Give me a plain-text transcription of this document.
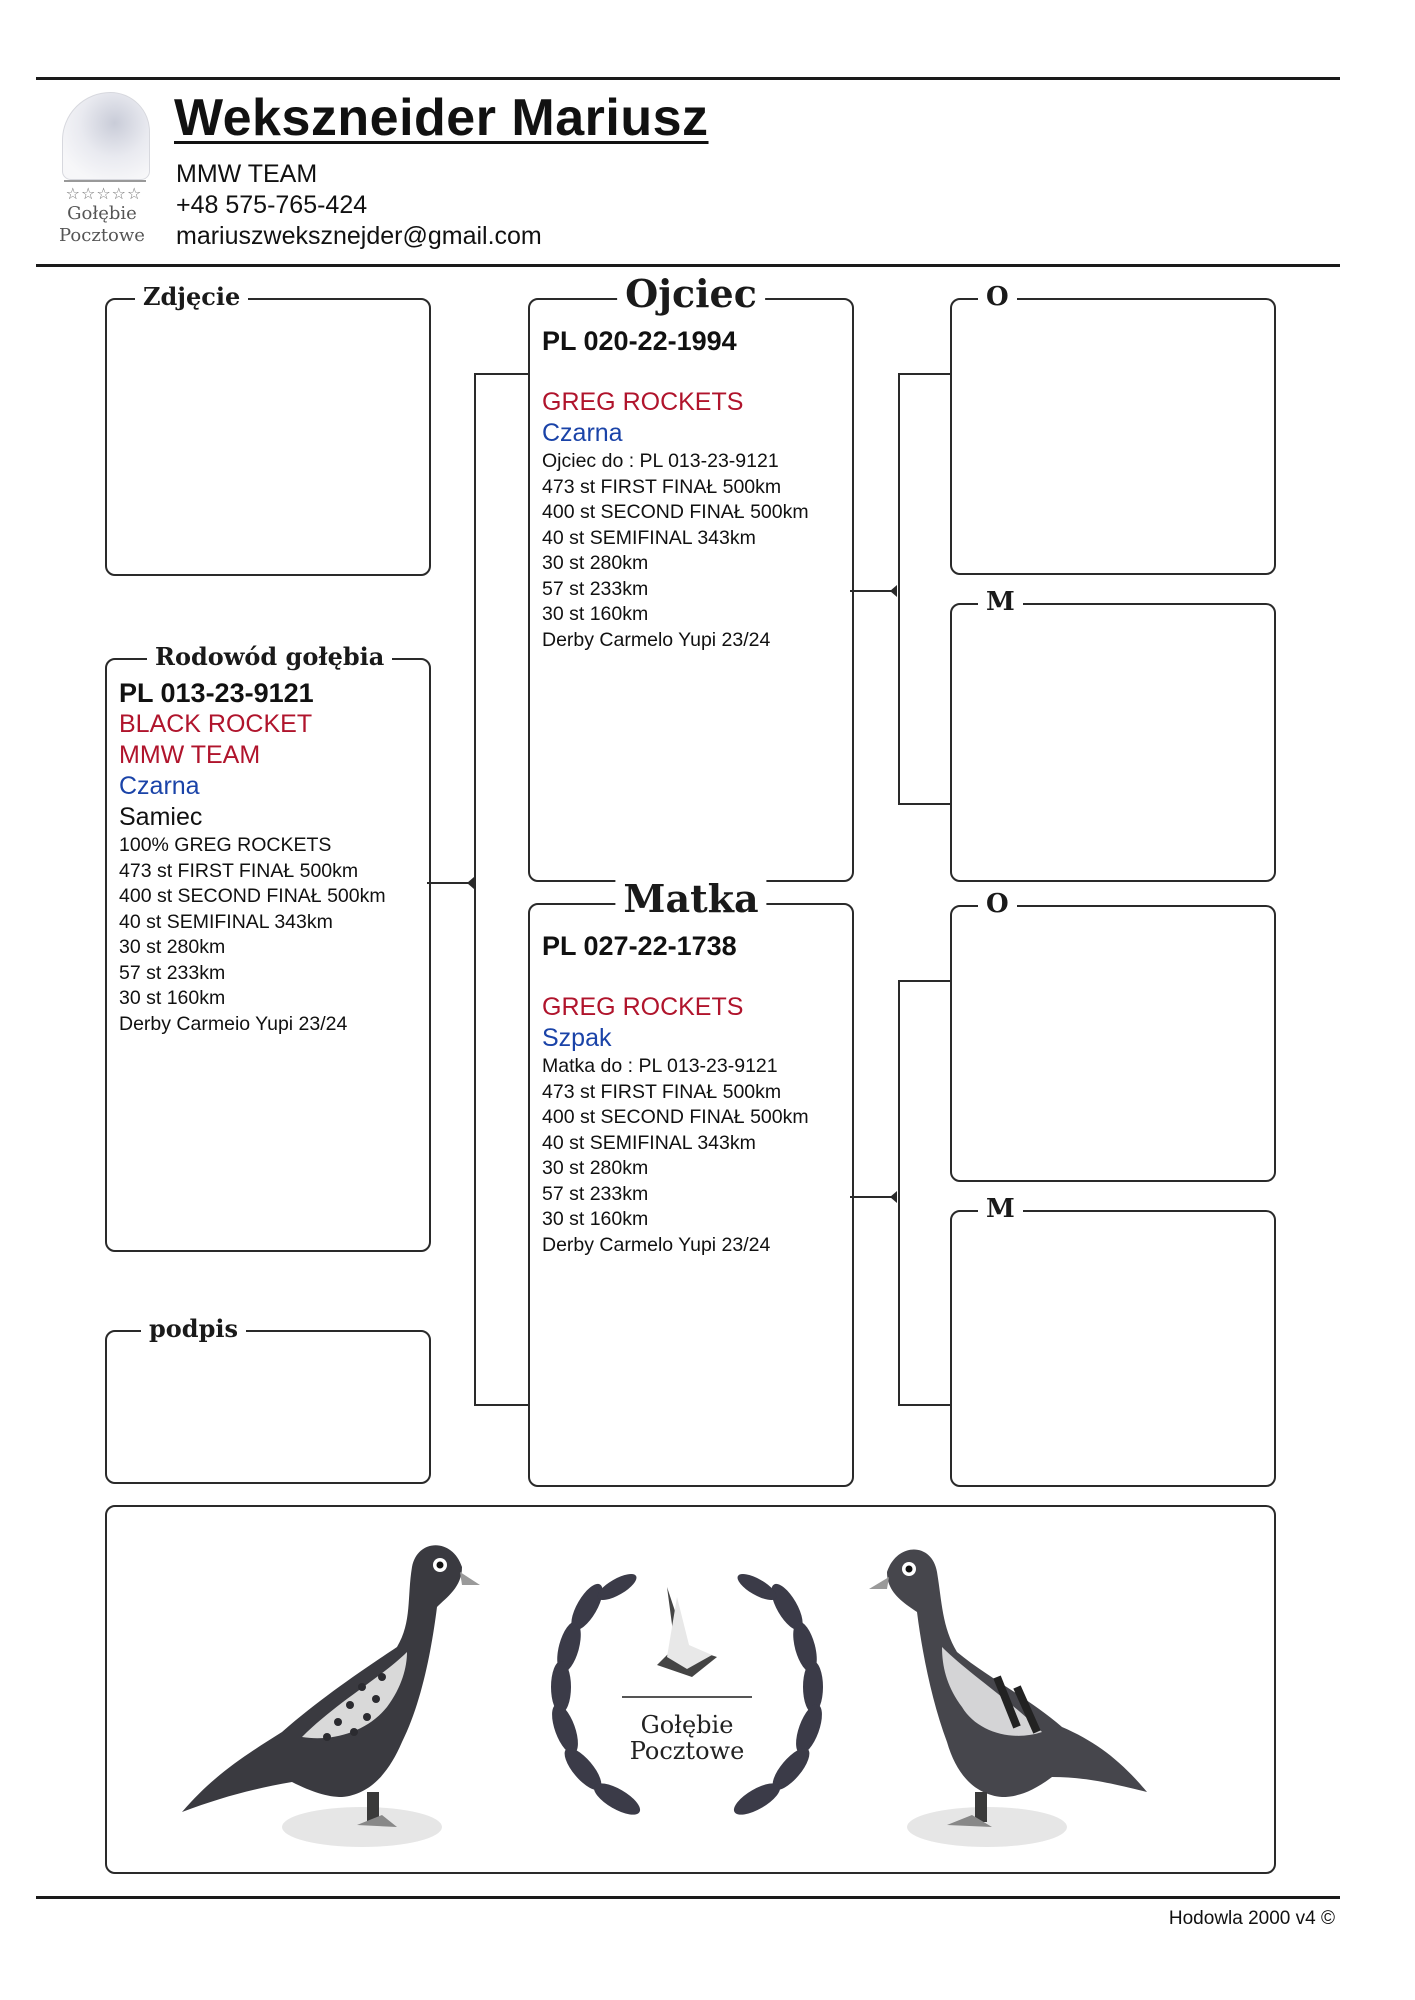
☆☆☆☆☆
Gołębie
Pocztowe
Wekszneider Mariusz
MMW TEAM
+48 575-765-424
mariuszweksznejder@gmail.com
Zdjęcie
Rodowód gołębia
PL 013-23-9121
BLACK ROCKET
MMW TEAM
Czarna
Samiec
100% GREG ROCKETS
473 st FIRST FINAŁ 500km
400 st SECOND FINAŁ 500km
40 st SEMIFINAL 343km
30 st 280km
57 st 233km
30 st 160km
Derby Carmeio Yupi 23/24
podpis
Ojciec
PL 020-22-1994
GREG ROCKETS
Czarna
Ojciec do : PL 013-23-9121
473 st FIRST FINAŁ 500km
400 st SECOND FINAŁ 500km
40 st SEMIFINAL 343km
30 st 280km
57 st 233km
30 st 160km
Derby Carmelo Yupi 23/24
Matka
PL 027-22-1738
GREG ROCKETS
Szpak
Matka do : PL 013-23-9121
473 st FIRST FINAŁ 500km
400 st SECOND FINAŁ 500km
40 st SEMIFINAL 343km
30 st 280km
57 st 233km
30 st 160km
Derby Carmelo Yupi 23/24
O
M
O
M
Gołębie
Pocztowe
Hodowla 2000 v4 ©
